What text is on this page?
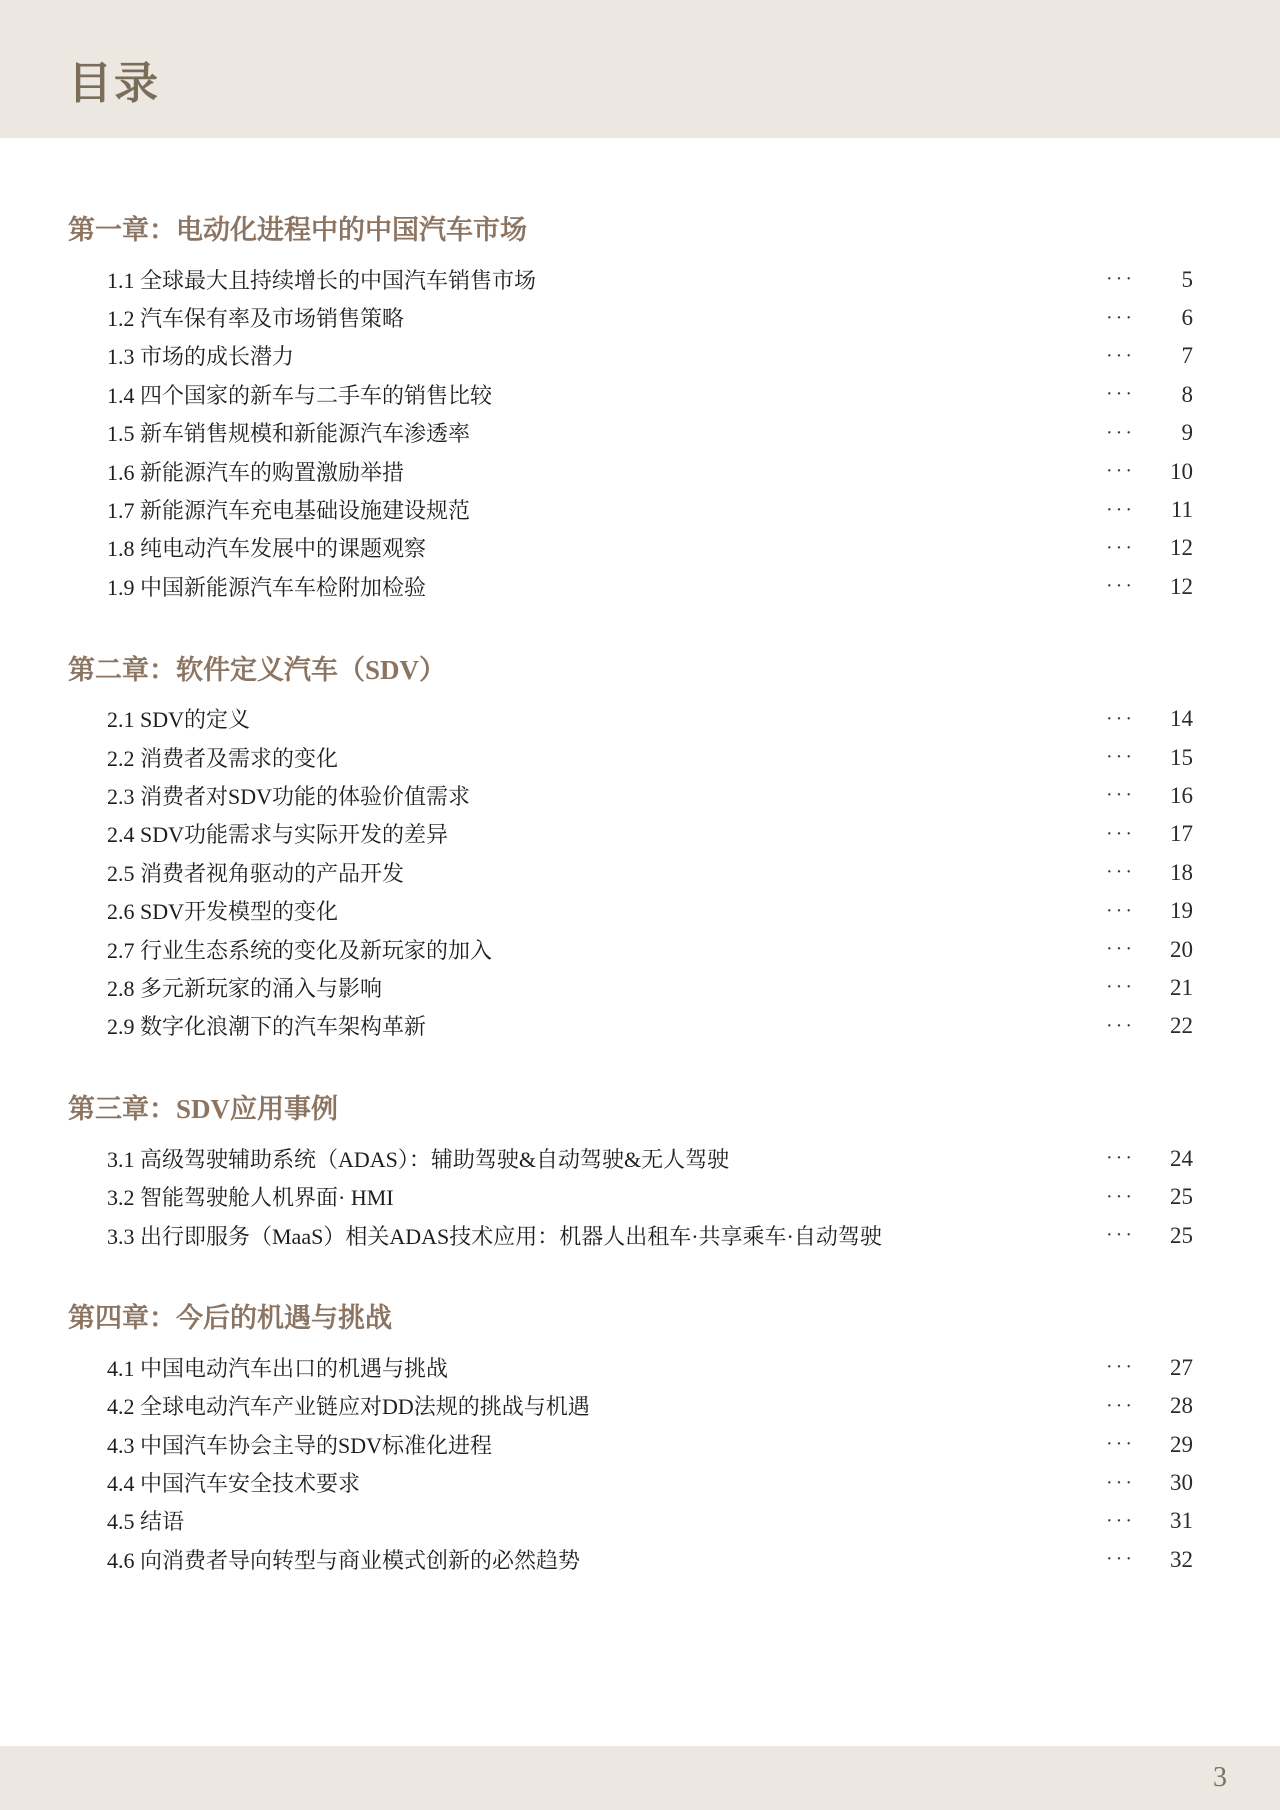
目录
第一章：电动化进程中的中国汽车市场
1.1 全球最大且持续增长的中国汽车销售市场	···	5
1.2 汽车保有率及市场销售策略	···	6
1.3 市场的成长潜力	···	7
1.4 四个国家的新车与二手车的销售比较	···	8
1.5 新车销售规模和新能源汽车渗透率	···	9
1.6 新能源汽车的购置激励举措	···	10
1.7 新能源汽车充电基础设施建设规范	···	11
1.8 纯电动汽车发展中的课题观察	···	12
1.9 中国新能源汽车车检附加检验	···	12
第二章：软件定义汽车（SDV）
2.1 SDV的定义	···	14
2.2 消费者及需求的变化	···	15
2.3 消费者对SDV功能的体验价值需求	···	16
2.4 SDV功能需求与实际开发的差异	···	17
2.5 消费者视角驱动的产品开发	···	18
2.6 SDV开发模型的变化	···	19
2.7 行业生态系统的变化及新玩家的加入	···	20
2.8 多元新玩家的涌入与影响	···	21
2.9 数字化浪潮下的汽车架构革新	···	22
第三章：SDV应用事例
3.1 高级驾驶辅助系统（ADAS）：辅助驾驶&自动驾驶&无人驾驶	···	24
3.2 智能驾驶舱人机界面· HMI	···	25
3.3 出行即服务（MaaS）相关ADAS技术应用：机器人出租车·共享乘车·自动驾驶	···	25
第四章：今后的机遇与挑战
4.1 中国电动汽车出口的机遇与挑战	···	27
4.2 全球电动汽车产业链应对DD法规的挑战与机遇	···	28
4.3 中国汽车协会主导的SDV标准化进程	···	29
4.4 中国汽车安全技术要求	···	30
4.5 结语	···	31
4.6 向消费者导向转型与商业模式创新的必然趋势	···	32
3
